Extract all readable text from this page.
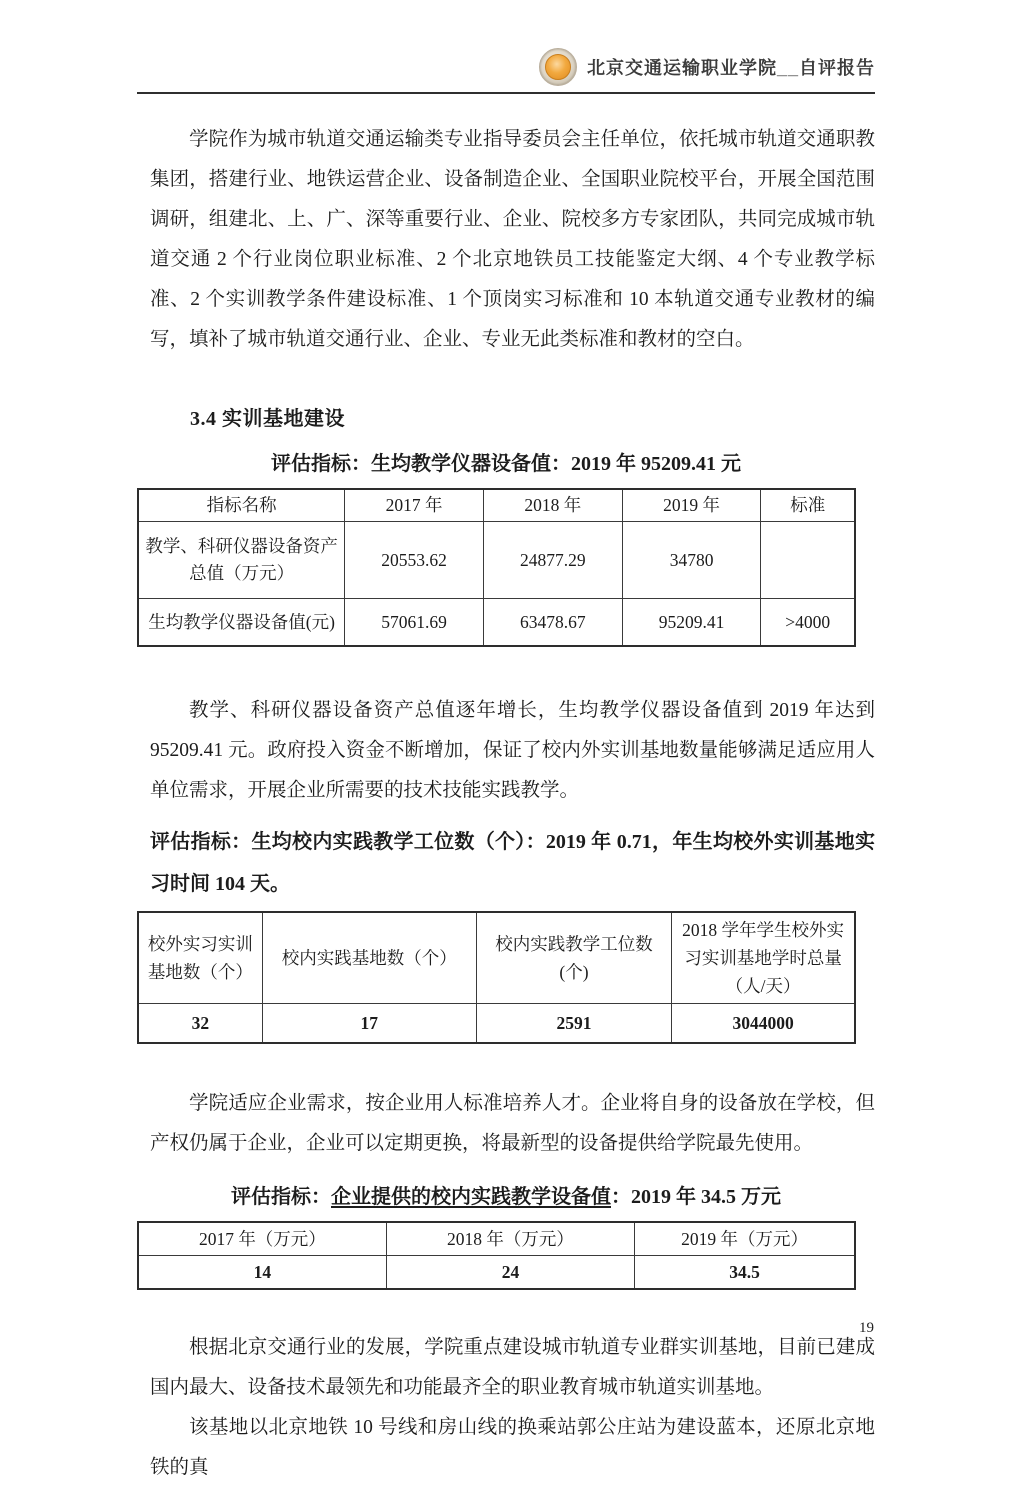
北京交通运输职业学院__自评报告

学院作为城市轨道交通运输类专业指导委员会主任单位，依托城市轨道交通职教集团，搭建行业、地铁运营企业、设备制造企业、全国职业院校平台，开展全国范围调研，组建北、上、广、深等重要行业、企业、院校多方专家团队，共同完成城市轨道交通 2 个行业岗位职业标准、2 个北京地铁员工技能鉴定大纲、4 个专业教学标准、2 个实训教学条件建设标准、1 个顶岗实习标准和 10 本轨道交通专业教材的编写，填补了城市轨道交通行业、企业、专业无此类标准和教材的空白。

3.4 实训基地建设
评估指标：生均教学仪器设备值：2019 年 95209.41 元
指标名称	2017 年	2018 年	2019 年	标准
教学、科研仪器设备资产总值（万元）	20553.62	24877.29	34780	
生均教学仪器设备值(元)	57061.69	63478.67	95209.41	>4000

教学、科研仪器设备资产总值逐年增长，生均教学仪器设备值到 2019 年达到 95209.41 元。政府投入资金不断增加，保证了校内外实训基地数量能够满足适应用人单位需求，开展企业所需要的技术技能实践教学。

评估指标：生均校内实践教学工位数（个）：2019 年 0.71，年生均校外实训基地实习时间 104 天。
校外实习实训基地数（个）	校内实践基地数（个）	校内实践教学工位数(个)	2018 学年学生校外实习实训基地学时总量（人/天）
32	17	2591	3044000

学院适应企业需求，按企业用人标准培养人才。企业将自身的设备放在学校，但产权仍属于企业，企业可以定期更换，将最新型的设备提供给学院最先使用。

评估指标：企业提供的校内实践教学设备值：2019 年 34.5 万元
2017 年（万元）	2018 年（万元）	2019 年（万元）
14	24	34.5

根据北京交通行业的发展，学院重点建设城市轨道专业群实训基地，目前已建成国内最大、设备技术最领先和功能最齐全的职业教育城市轨道实训基地。

该基地以北京地铁 10 号线和房山线的换乘站郭公庄站为建设蓝本，还原北京地铁的真

19
